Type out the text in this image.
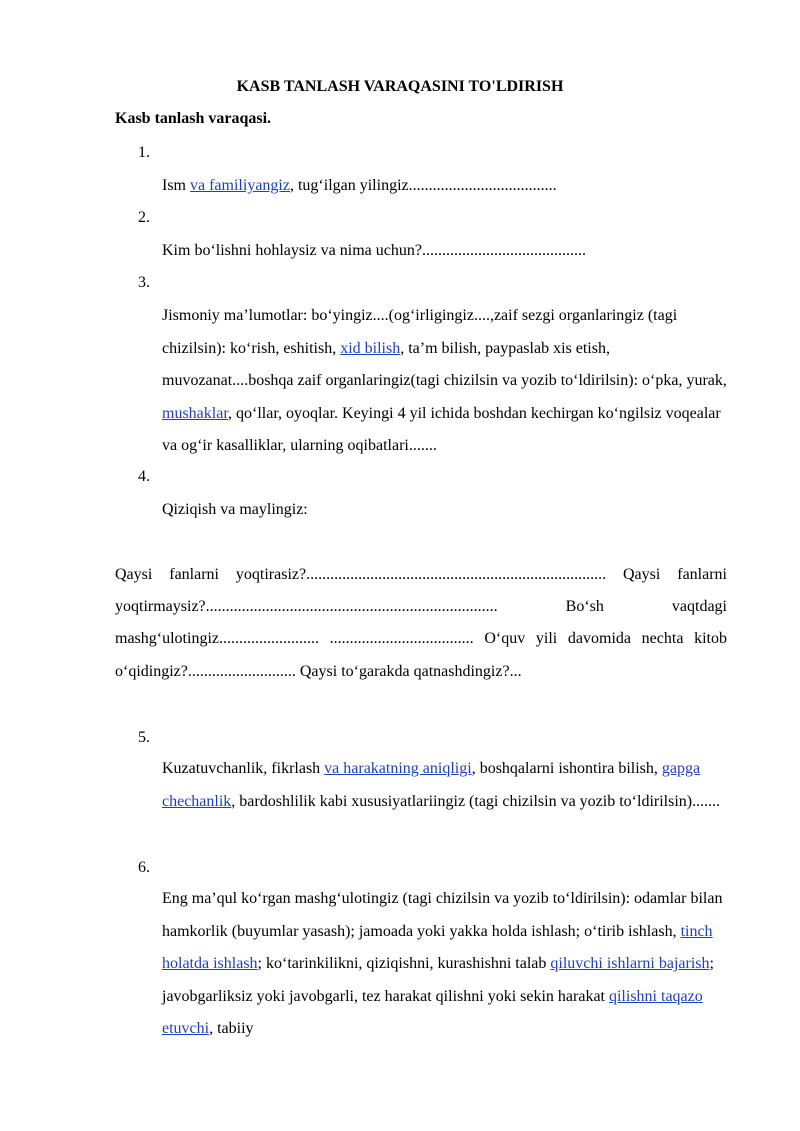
KASB TANLASH VARAQASINI TO'LDIRISH
Kasb tanlash varaqasi.
1.
Ism va familiyangiz, tug‘ilgan yilingiz.....................................
2.
Kim bo‘lishni hohlaysiz va nima uchun?.........................................
3.
Jismoniy ma’lumotlar: bo‘yingiz....(og‘irligingiz....,zaif sezgi organlaringiz (tagi chizilsin): ko‘rish, eshitish, xid bilish, ta’m bilish, paypaslab xis etish, muvozanat....boshqa zaif organlaringiz(tagi chizilsin va yozib to‘ldirilsin): o‘pka, yurak, mushaklar, qo‘llar, oyoqlar. Keyingi 4 yil ichida boshdan kechirgan ko‘ngilsiz voqealar va og‘ir kasalliklar, ularning oqibatlari.......
4.
Qiziqish va maylingiz:
Qaysi fanlarni yoqtirasiz?........................................................................... Qaysi fanlarni yoqtirmaysiz?......................................................................... Bo‘sh vaqtdagi mashg‘ulotingiz......................... .................................... O‘quv yili davomida nechta kitob o‘qidingiz?........................... Qaysi to‘garakda qatnashdingiz?...
5.
Kuzatuvchanlik, fikrlash va harakatning aniqligi, boshqalarni ishontira bilish, gapga chechanlik, bardoshlilik kabi xususiyatlariingiz (tagi chizilsin va yozib to‘ldirilsin).......
6.
Eng ma’qul ko‘rgan mashg‘ulotingiz (tagi chizilsin va yozib to‘ldirilsin): odamlar bilan hamkorlik (buyumlar yasash); jamoada yoki yakka holda ishlash; o‘tirib ishlash, tinch holatda ishlash; ko‘tarinkilikni, qiziqishni, kurashishni talab qiluvchi ishlarni bajarish; javobgarliksiz yoki javobgarli, tez harakat qilishni yoki sekin harakat qilishni taqazo etuvchi, tabiiy
